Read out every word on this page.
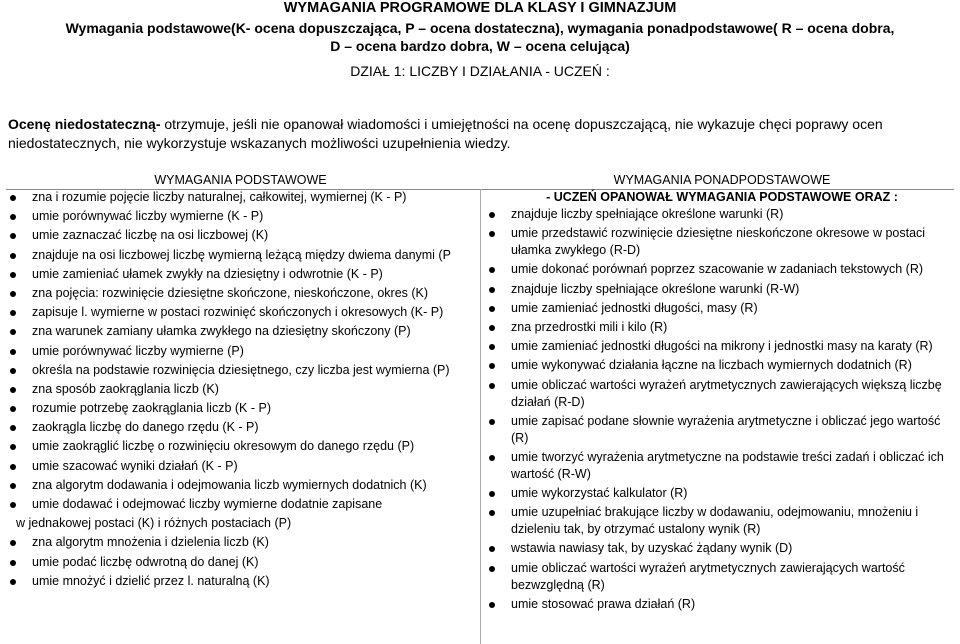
WYMAGANIA PROGRAMOWE DLA KLASY I GIMNAZJUM
Wymagania podstawowe(K- ocena dopuszczająca, P – ocena dostateczna), wymagania ponadpodstawowe( R – ocena dobra,
D – ocena bardzo dobra, W – ocena celująca)
DZIAŁ 1: LICZBY I DZIAŁANIA - UCZEŃ :
Ocenę niedostateczną- otrzymuje, jeśli nie opanował wiadomości i umiejętności na ocenę dopuszczającą, nie wykazuje chęci poprawy ocen
niedostatecznych, nie wykorzystuje wskazanych możliwości uzupełnienia wiedzy.
WYMAGANIA PODSTAWOWE
zna i rozumie pojęcie liczby naturalnej, całkowitej, wymiernej (K - P)
umie porównywać liczby wymierne (K - P)
umie zaznaczać liczbę na osi liczbowej (K)
znajduje na osi liczbowej liczbę wymierną leżącą między dwiema danymi (P
umie zamieniać ułamek zwykły na dziesiętny i odwrotnie (K - P)
zna pojęcia: rozwinięcie dziesiętne skończone, nieskończone, okres (K)
zapisuje l. wymierne w postaci rozwinięć skończonych i okresowych (K- P)
zna warunek zamiany ułamka zwykłego na dziesiętny skończony (P)
umie porównywać liczby wymierne (P)
określa na podstawie rozwinięcia dziesiętnego, czy liczba jest wymierna (P)
zna sposób zaokrąglania liczb (K)
rozumie potrzebę zaokrąglania liczb (K - P)
zaokrągla liczbę do danego rzędu (K - P)
umie zaokrąglić liczbę o rozwinięciu okresowym do danego rzędu (P)
umie szacować wyniki działań (K - P)
zna algorytm dodawania i odejmowania liczb wymiernych dodatnich (K)
umie dodawać i odejmować liczby wymierne dodatnie zapisane
w jednakowej postaci (K) i różnych postaciach (P)
zna algorytm mnożenia i dzielenia liczb (K)
umie podać liczbę odwrotną do danej (K)
umie mnożyć i dzielić przez l. naturalną (K)
WYMAGANIA PONADPODSTAWOWE
- UCZEŃ OPANOWAŁ WYMAGANIA PODSTAWOWE ORAZ :
znajduje liczby spełniające określone warunki (R)
umie przedstawić rozwinięcie dziesiętne nieskończone okresowe w postaci ułamka zwykłego (R-D)
umie dokonać porównań poprzez szacowanie w zadaniach tekstowych (R)
znajduje liczby spełniające określone warunki (R-W)
umie zamieniać jednostki długości, masy (R)
zna przedrostki mili i kilo (R)
umie zamieniać jednostki długości na mikrony i jednostki masy na karaty (R)
umie wykonywać działania łączne na liczbach wymiernych dodatnich (R)
umie obliczać wartości wyrażeń arytmetycznych zawierających większą liczbę działań (R-D)
umie zapisać podane słownie wyrażenia arytmetyczne i obliczać jego wartość (R)
umie tworzyć wyrażenia arytmetyczne na podstawie treści zadań i obliczać ich wartość (R-W)
umie wykorzystać kalkulator (R)
umie uzupełniać brakujące liczby w dodawaniu, odejmowaniu, mnożeniu i dzieleniu tak, by otrzymać ustalony wynik (R)
wstawia nawiasy tak, by uzyskać żądany wynik (D)
umie obliczać wartości wyrażeń arytmetycznych zawierających wartość bezwzględną (R)
umie stosować prawa działań (R)
